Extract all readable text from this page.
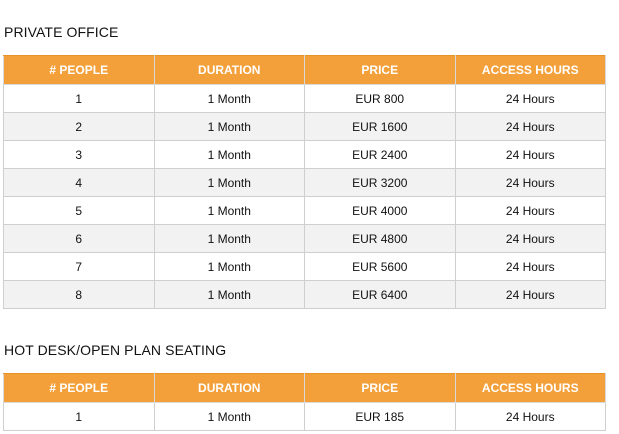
PRIVATE OFFICE
# PEOPLE	DURATION	PRICE	ACCESS HOURS
1	1 Month	EUR 800	24 Hours
2	1 Month	EUR 1600	24 Hours
3	1 Month	EUR 2400	24 Hours
4	1 Month	EUR 3200	24 Hours
5	1 Month	EUR 4000	24 Hours
6	1 Month	EUR 4800	24 Hours
7	1 Month	EUR 5600	24 Hours
8	1 Month	EUR 6400	24 Hours
HOT DESK/OPEN PLAN SEATING
# PEOPLE	DURATION	PRICE	ACCESS HOURS
1	1 Month	EUR 185	24 Hours
